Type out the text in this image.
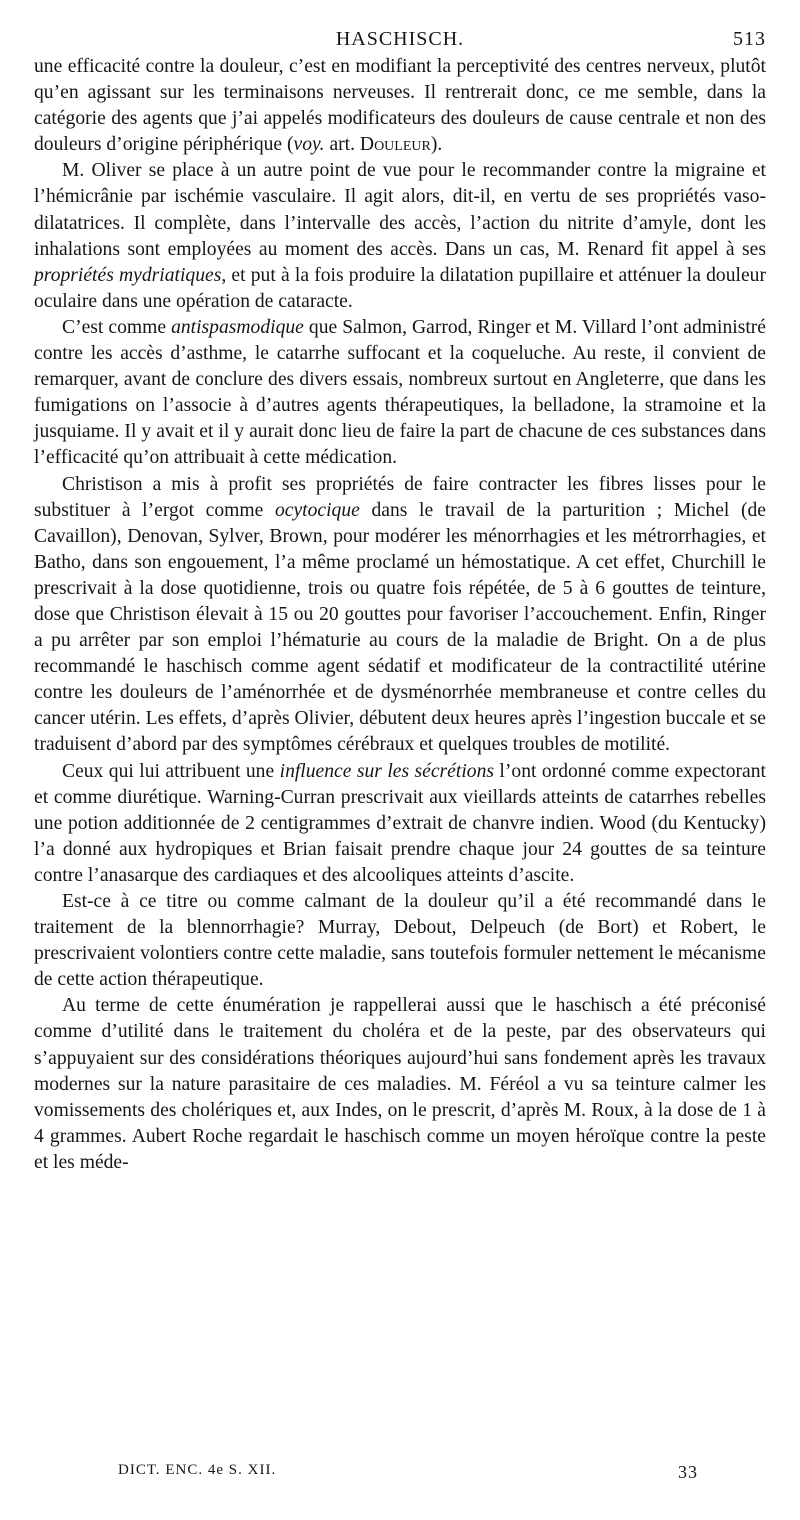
HASCHISCH.	513

une efficacité contre la douleur, c’est en modifiant la perceptivité des centres nerveux, plutôt qu’en agissant sur les terminaisons nerveuses. Il rentrerait donc, ce me semble, dans la catégorie des agents que j’ai appelés modificateurs des douleurs de cause centrale et non des douleurs d’origine périphérique (voy. art. Douleur).

M. Oliver se place à un autre point de vue pour le recommander contre la migraine et l’hémicrânie par ischémie vasculaire. Il agit alors, dit-il, en vertu de ses propriétés vaso-dilatatrices. Il complète, dans l’intervalle des accès, l’action du nitrite d’amyle, dont les inhalations sont employées au moment des accès. Dans un cas, M. Renard fit appel à ses propriétés mydriatiques, et put à la fois produire la dilatation pupillaire et atténuer la douleur oculaire dans une opération de cataracte.

C’est comme antispasmodique que Salmon, Garrod, Ringer et M. Villard l’ont administré contre les accès d’asthme, le catarrhe suffocant et la coqueluche. Au reste, il convient de remarquer, avant de conclure des divers essais, nombreux surtout en Angleterre, que dans les fumigations on l’associe à d’autres agents thérapeutiques, la belladone, la stramoine et la jusquiame. Il y avait et il y aurait donc lieu de faire la part de chacune de ces substances dans l’efficacité qu’on attribuait à cette médication.

Christison a mis à profit ses propriétés de faire contracter les fibres lisses pour le substituer à l’ergot comme ocytocique dans le travail de la parturition ; Michel (de Cavaillon), Denovan, Sylver, Brown, pour modérer les ménorrhagies et les métrorrhagies, et Batho, dans son engouement, l’a même proclamé un hémostatique. A cet effet, Churchill le prescrivait à la dose quotidienne, trois ou quatre fois répétée, de 5 à 6 gouttes de teinture, dose que Christison élevait à 15 ou 20 gouttes pour favoriser l’accouchement. Enfin, Ringer a pu arrêter par son emploi l’hématurie au cours de la maladie de Bright. On a de plus recommandé le haschisch comme agent sédatif et modificateur de la contractilité utérine contre les douleurs de l’aménorrhée et de dysménorrhée membraneuse et contre celles du cancer utérin. Les effets, d’après Olivier, débutent deux heures après l’ingestion buccale et se traduisent d’abord par des symptômes cérébraux et quelques troubles de motilité.

Ceux qui lui attribuent une influence sur les sécrétions l’ont ordonné comme expectorant et comme diurétique. Warning-Curran prescrivait aux vieillards atteints de catarrhes rebelles une potion additionnée de 2 centigrammes d’extrait de chanvre indien. Wood (du Kentucky) l’a donné aux hydropiques et Brian faisait prendre chaque jour 24 gouttes de sa teinture contre l’anasarque des cardiaques et des alcooliques atteints d’ascite.

Est-ce à ce titre ou comme calmant de la douleur qu’il a été recommandé dans le traitement de la blennorrhagie? Murray, Debout, Delpeuch (de Bort) et Robert, le prescrivaient volontiers contre cette maladie, sans toutefois formuler nettement le mécanisme de cette action thérapeutique.

Au terme de cette énumération je rappellerai aussi que le haschisch a été préconisé comme d’utilité dans le traitement du choléra et de la peste, par des observateurs qui s’appuyaient sur des considérations théoriques aujourd’hui sans fondement après les travaux modernes sur la nature parasitaire de ces maladies. M. Féréol a vu sa teinture calmer les vomissements des cholériques et, aux Indes, on le prescrit, d’après M. Roux, à la dose de 1 à 4 grammes. Aubert Roche regardait le haschisch comme un moyen héroïque contre la peste et les méde-

DICT. ENC. 4e S. XII.	33
